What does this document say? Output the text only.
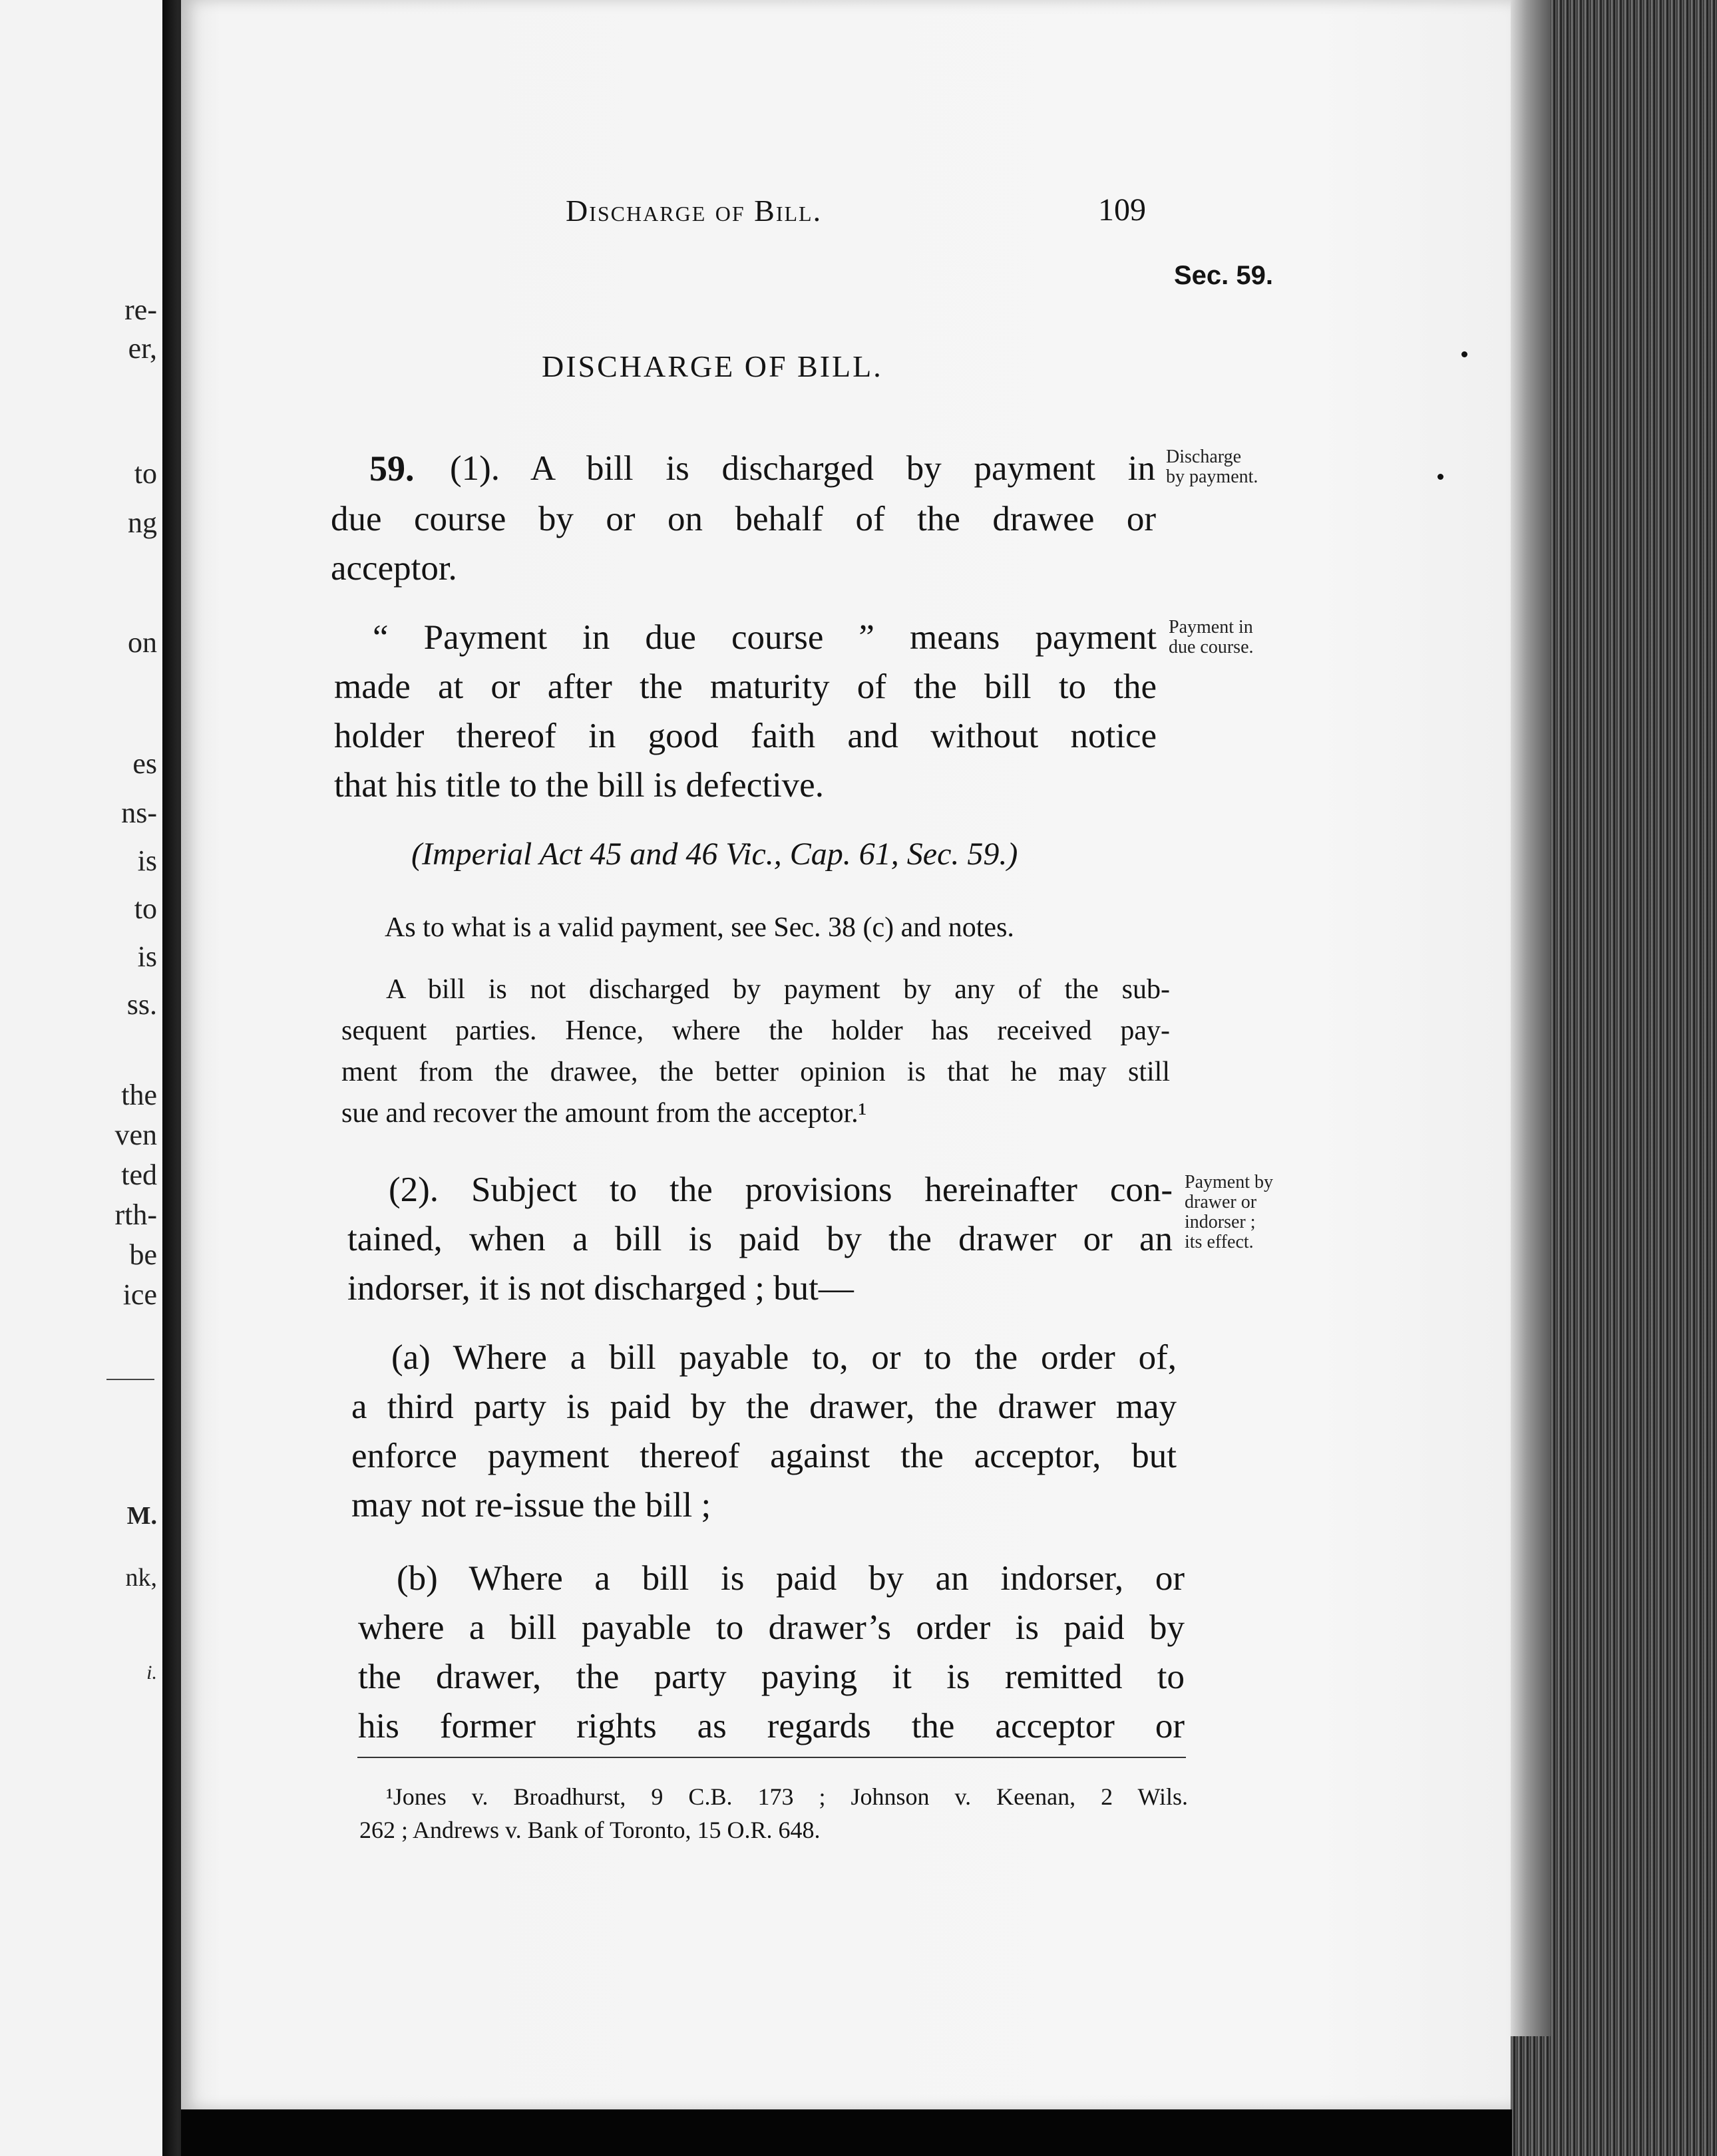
re-
er,
to
ng
on
es
ns-
is
to
is
ss.
the
ven
ted
rth-
be
ice
M.
nk,
i.
Discharge of Bill.	109
Sec. 59.
DISCHARGE OF BILL.
59. (1). A bill is discharged by payment in
due course by or on behalf of the drawee or
acceptor.
Discharge
by payment.
“ Payment in due course ” means payment
made at or after the maturity of the bill to the
holder thereof in good faith and without notice
that his title to the bill is defective.
Payment in
due course.
(Imperial Act 45 and 46 Vic., Cap. 61, Sec. 59.)
As to what is a valid payment, see Sec. 38 (c) and notes.
A bill is not discharged by payment by any of the sub-
sequent parties. Hence, where the holder has received pay-
ment from the drawee, the better opinion is that he may still
sue and recover the amount from the acceptor.¹
(2). Subject to the provisions hereinafter con-
tained, when a bill is paid by the drawer or an
indorser, it is not discharged ; but—
Payment by
drawer or
indorser ;
its effect.
(a) Where a bill payable to, or to the order of,
a third party is paid by the drawer, the drawer may
enforce payment thereof against the acceptor, but
may not re-issue the bill ;
(b) Where a bill is paid by an indorser, or
where a bill payable to drawer’s order is paid by
the drawer, the party paying it is remitted to
his former rights as regards the acceptor or
¹Jones v. Broadhurst, 9 C.B. 173 ; Johnson v. Keenan, 2 Wils.
262 ; Andrews v. Bank of Toronto, 15 O.R. 648.
